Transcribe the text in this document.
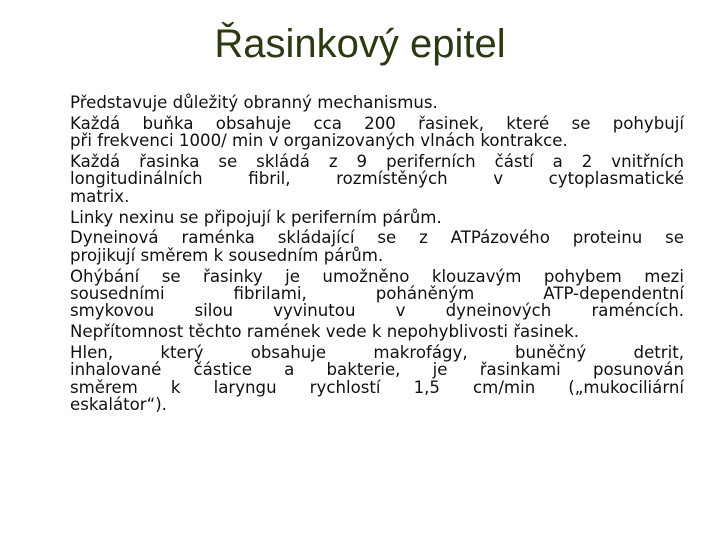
Řasinkový epitel

Představuje důležitý obranný mechanismus.

Každá buňka obsahuje cca 200 řasinek, které se pohybují
při frekvenci 1000/ min v organizovaných vlnách kontrakce.

Každá řasinka se skládá z 9 periferních částí a 2 vnitřních
longitudinálních fibril, rozmístěných v cytoplasmatické
matrix.

Linky nexinu se připojují k periferním párům.

Dyneinová raménka skládající se z ATPázového proteinu se
projikují směrem k sousedním párům.

Ohýbání se řasinky je umožněno klouzavým pohybem mezi
sousedními fibrilami, poháněným ATP-dependentní
smykovou silou vyvinutou v dyneinových raméncích.

Nepřítomnost těchto ramének vede k nepohyblivosti řasinek.

Hlen, který obsahuje makrofágy, buněčný detrit,
inhalované částice a bakterie, je řasinkami posunován
směrem k laryngu rychlostí 1,5 cm/min („mukociliární
eskalátor“).
